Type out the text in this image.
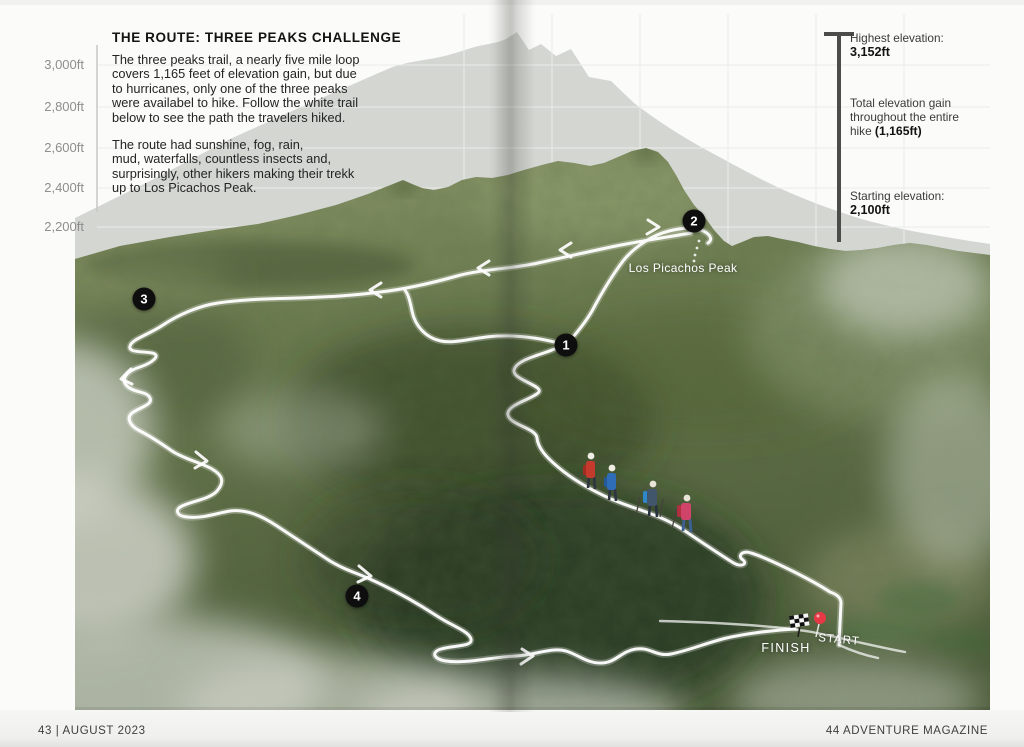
THE ROUTE: THREE PEAKS CHALLENGE

The three peaks trail, a nearly five mile loop
covers 1,165 feet of elevation gain, but due
to hurricanes, only one of the three peaks
were availabel to hike. Follow the white trail
below to see the path the travelers hiked.

The route had sunshine, fog, rain,
mud, waterfalls, countless insects and,
surprisingly, other hikers making their trekk
up to Los Picachos Peak.

3,000ft
2,800ft
2,600ft
2,400ft
2,200ft
Highest elevation:
3,152ft
Total elevation gain
throughout the entire
hike (1,165ft)
Starting elevation:
2,100ft
1
2
3
4
Los Picachos Peak
FINISH
START
43 | AUGUST 2023	44 ADVENTURE MAGAZINE
